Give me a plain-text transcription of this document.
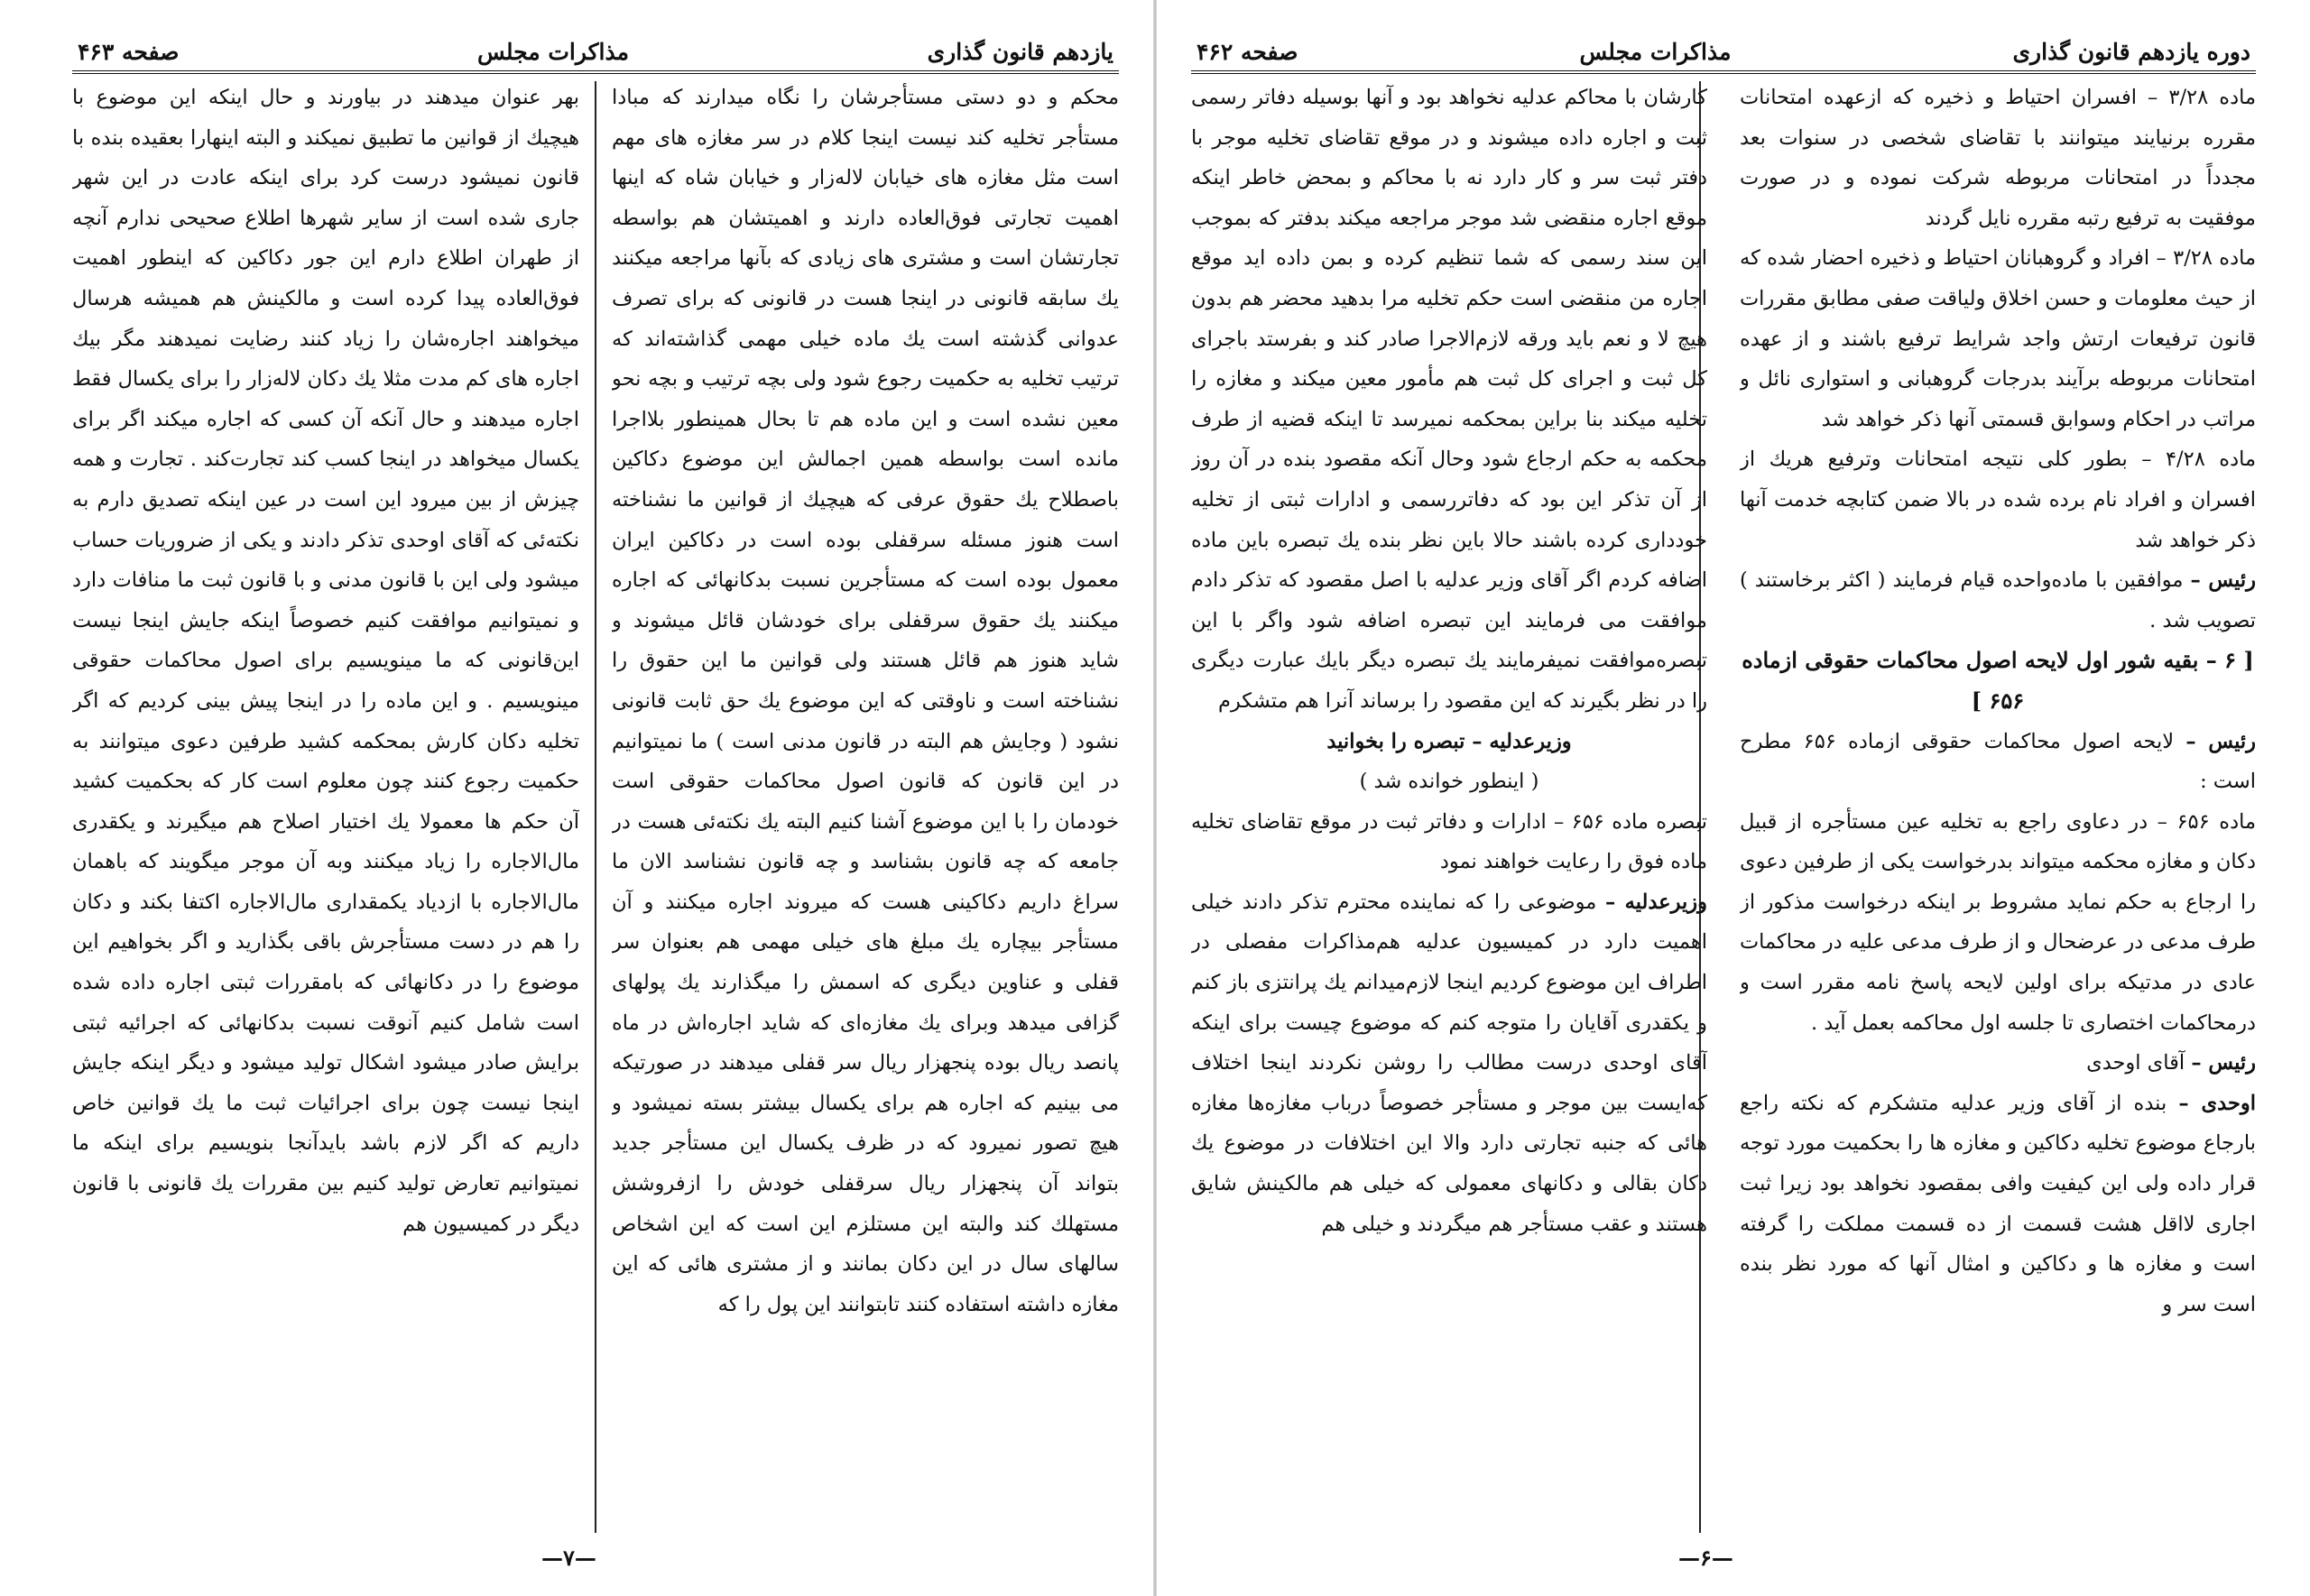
یازدهم قانون گذاری
مذاکرات مجلس
صفحه ۴۶۳

محکم و دو دستی مستأجرشان را نگاه میدارند که مبادا مستأجر تخلیه کند نیست اینجا کلام در سر مغازه های مهم است مثل مغازه های خیابان لاله‌زار و خیابان شاه که اینها اهمیت تجارتی فوق‌العاده دارند و اهمیتشان هم بواسطه تجارتشان است و مشتری های زیادی که بآنها مراجعه میکنند یك سابقه قانونی در اینجا هست در قانونی که برای تصرف عدوانی گذشته است یك ماده خیلی مهمی گذاشته‌اند که ترتیب تخلیه به حکمیت رجوع شود ولی بچه ترتیب و بچه نحو معین نشده است و این ماده هم تا بحال همینطور بلااجرا مانده است بواسطه همین اجمالش این موضوع دکاکین باصطلاح یك حقوق عرفی که هیچیك از قوانین ما نشناخته است هنوز مسئله سرقفلی بوده است در دکاکین ایران معمول بوده است که مستأجرین نسبت بدکانهائی که اجاره میکنند یك حقوق سرقفلی برای خودشان قائل میشوند و شاید هنوز هم قائل هستند ولی قوانین ما این حقوق را نشناخته است و ناوقتی که این موضوع یك حق ثابت قانونی نشود ( وجایش هم البته در قانون مدنی است ) ما نمیتوانیم در این قانون که قانون اصول محاکمات حقوقی است خودمان را با این موضوع آشنا کنیم البته یك نکته‌ئی هست در جامعه که چه قانون بشناسد و چه قانون نشناسد الان ما سراغ داریم دکاکینی هست که میروند اجاره میکنند و آن مستأجر بیچاره یك مبلغ های خیلی مهمی هم بعنوان سر قفلی و عناوین دیگری که اسمش را میگذارند یك پولهای گزافی میدهد وبرای یك مغازه‌ای که شاید اجاره‌اش در ماه پانصد ریال بوده پنجهزار ریال سر قفلی میدهند در صورتیکه می بینیم که اجاره هم برای یکسال بیشتر بسته نمیشود و هیچ تصور نمیرود که در ظرف یکسال این مستأجر جدید بتواند آن پنجهزار ریال سرقفلی خودش را ازفروشش مستهلك کند والبته این مستلزم این است که این اشخاص سالهای سال در این دکان بمانند و از مشتری هائی که این مغازه داشته استفاده کنند تابتوانند این پول را که

بهر عنوان میدهند در بیاورند و حال اینکه این موضوع با هیچیك از قوانین ما تطبیق نمیکند و البته اینهارا بعقیده بنده با قانون نمیشود درست کرد برای اینکه عادت در این شهر جاری شده است از سایر شهرها اطلاع صحیحی ندارم آنچه از طهران اطلاع دارم این جور دکاکین که اینطور اهمیت فوق‌العاده پیدا کرده است و مالکینش هم همیشه هرسال میخواهند اجاره‌شان را زیاد کنند رضایت نمیدهند مگر بیك اجاره های کم مدت مثلا یك دکان لاله‌زار را برای یکسال فقط اجاره میدهند و حال آنکه آن کسی که اجاره میکند اگر برای یکسال میخواهد در اینجا کسب کند تجارت‌کند . تجارت و همه چیزش از بین میرود این است در عین اینکه تصدیق دارم به نکته‌ئی که آقای اوحدی تذکر دادند و یکی از ضروریات حساب میشود ولی این با قانون مدنی و با قانون ثبت ما منافات دارد و نمیتوانیم موافقت کنیم خصوصاً اینکه جایش اینجا نیست این‌قانونی که ما مینویسیم برای اصول محاکمات حقوقی مینویسیم . و این ماده را در اینجا پیش بینی کردیم که اگر تخلیه دکان کارش بمحکمه کشید طرفین دعوی میتوانند به حکمیت رجوع کنند چون معلوم است کار که بحکمیت کشید آن حکم ها معمولا یك اختیار اصلاح هم میگیرند و یکقدری مال‌الاجاره را زیاد میکنند وبه آن موجر میگویند که باهمان مال‌الاجاره با ازدیاد یکمقداری مال‌الاجاره اکتفا بکند و دکان را هم در دست مستأجرش باقی بگذارید و اگر بخواهیم این موضوع را در دکانهائی که بامقررات ثبتی اجاره داده شده است شامل کنیم آنوقت نسبت بدکانهائی که اجرائیه ثبتی برایش صادر میشود اشکال تولید میشود و دیگر اینکه جایش اینجا نیست چون برای اجرائیات ثبت ما یك قوانین خاص داریم که اگر لازم باشد باید‌آنجا بنویسیم برای اینکه ما نمیتوانیم تعارض تولید کنیم بین مقررات یك قانونی با قانون دیگر در کمیسیون هم

—۷—
دوره یازدهم قانون گذاری
مذاکرات مجلس
صفحه ۴۶۲

ماده ۳/۲۸ – افسران احتیاط و ذخیره که ازعهده امتحانات مقرره برنیایند میتوانند با تقاضای شخصی در سنوات بعد مجدداً در امتحانات مربوطه شرکت نموده و در صورت موفقیت به ترفیع رتبه مقرره نایل گردند

ماده ۳/۲۸ – افراد و گروهبانان احتیاط و ذخیره احضار شده که از حیث معلومات و حسن اخلاق ولیاقت صفی مطابق مقررات قانون ترفیعات ارتش واجد شرایط ترفیع باشند و از عهده امتحانات مربوطه برآیند بدرجات گروهبانی و استواری نائل و مراتب در احکام وسوابق قسمتی آنها ذکر خواهد شد

ماده ۴/۲۸ – بطور کلی نتیجه امتحانات وترفیع هریك از افسران و افراد نام برده شده در بالا ضمن کتابچه خدمت آنها ذکر خواهد شد

رئیس – موافقین با ماده‌واحده قیام فرمایند ( اکثر برخاستند ) تصویب شد .

[ ۶ – بقیه شور اول لایحه اصول محاکمات حقوقی ازماده ۶۵۶ ]

رئیس – لایحه اصول محاکمات حقوقی ازماده ۶۵۶ مطرح است :

ماده ۶۵۶ – در دعاوی راجع به تخلیه عین مستأجره از قبیل دکان و مغازه محکمه میتواند بدرخواست یکی از طرفین دعوی را ارجاع به حکم نماید مشروط بر اینکه درخواست مذکور از طرف مدعی در عرضحال و از طرف مدعی علیه در محاکمات عادی در مدتیکه برای اولین لایحه پاسخ نامه مقرر است و درمحاکمات اختصاری تا جلسه اول محاکمه بعمل آید .

رئیس – آقای اوحدی

اوحدی – بنده از آقای وزیر عدلیه متشکرم که نکته راجع بارجاع موضوع تخلیه دکاکین و مغازه ها را بحکمیت مورد توجه قرار داده ولی این کیفیت وافی بمقصود نخواهد بود زیرا ثبت اجاری لااقل هشت قسمت از ده قسمت مملکت را گرفته است و مغازه ها و دکاکین و امثال آنها که مورد نظر بنده است سر و

کارشان با محاکم عدلیه نخواهد بود و آنها بوسیله دفاتر رسمی ثبت و اجاره داده میشوند و در موقع تقاضای تخلیه موجر با دفتر ثبت سر و کار دارد نه با محاکم و بمحض خاطر اینکه موقع اجاره منقضی شد موجر مراجعه میکند بدفتر که بموجب این سند رسمی که شما تنظیم کرده و بمن داده اید موقع اجاره من منقضی است حکم تخلیه مرا بدهید محضر هم بدون هیچ لا و نعم باید ورقه لازم‌الاجرا صادر کند و بفرستد باجرای کل ثبت و اجرای کل ثبت هم مأمور معین میکند و مغازه را تخلیه میکند بنا براین بمحکمه نمیرسد تا اینکه قضیه از طرف محکمه به حکم ارجاع شود وحال آنکه مقصود بنده در آن روز از آن تذکر این بود که دفاتررسمی و ادارات ثبتی از تخلیه خودداری کرده باشند حالا باین نظر بنده یك تبصره باین ماده اضافه کردم اگر آقای وزیر عدلیه با اصل مقصود که تذکر دادم موافقت می فرمایند این تبصره اضافه شود واگر با این تبصره‌موافقت نمیفرمایند یك تبصره دیگر بایك عبارت دیگری را در نظر بگیرند که این مقصود را برساند آنرا هم متشکرم

وزیرعدلیه – تبصره را بخوانید

( اینطور خوانده شد )

تبصره ماده ۶۵۶ – ادارات و دفاتر ثبت در موقع تقاضای تخلیه ماده فوق را رعایت خواهند نمود

وزیرعدلیه – موضوعی را که نماینده محترم تذکر دادند خیلی اهمیت دارد در کمیسیون عدلیه هم‌مذاکرات مفصلی در اطراف این موضوع کردیم اینجا لازم‌میدانم یك پرانتزی باز کنم و یکقدری آقایان را متوجه کنم که موضوع چیست برای اینکه آقای اوحدی درست مطالب را روشن نکردند اینجا اختلاف که‌ایست بین موجر و مستأجر خصوصاً درباب مغازه‌ها مغازه هائی که جنبه تجارتی دارد والا این اختلافات در موضوع یك دکان بقالی و دکانهای معمولی که خیلی هم مالکینش شایق هستند و عقب مستأجر هم میگردند و خیلی هم

—۶—
